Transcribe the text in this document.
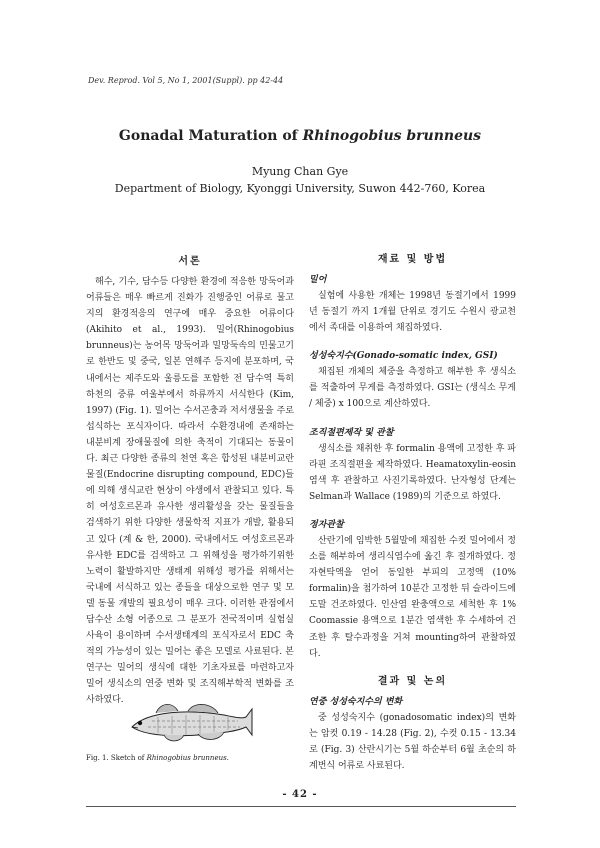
Dev. Reprod. Vol 5, No 1, 2001(Suppl). pp 42-44
Gonadal Maturation of Rhinogobius brunneus
Myung Chan Gye
Department of Biology, Kyonggi University, Suwon 442-760, Korea
서론

해수, 기수, 담수등 다양한 환경에 적응한 망둑어과 어류들은 매우 빠르게 진화가 진행중인 어류로 물고지의 환경적응의 연구에 매우 중요한 어류이다 (Akihito et al., 1993). 밀어(Rhinogobius brunneus)는 농어목 망둑어과 밀망둑속의 민물고기로 한반도 및 중국, 일본 연해주 등지에 분포하며, 국내에서는 제주도와 울릉도를 포함한 전 담수역 특히 하천의 중류 여울부에서 하류까지 서식한다 (Kim, 1997) (Fig. 1). 밀어는 수서곤충과 저서생물을 주로 섭식하는 포식자이다. 따라서 수환경내에 존재하는 내분비계 장애물질에 의한 축적이 기대되는 동물이다. 최근 다양한 종류의 천연 혹은 합성된 내분비교란물질(Endocrine disrupting compound, EDC)들에 의해 생식교란 현상이 야생에서 관찰되고 있다. 특히 여성호르몬과 유사한 생리활성을 갖는 물질들을 검색하기 위한 다양한 생물학적 지표가 개발, 활용되고 있다 (계 & 한, 2000). 국내에서도 여성호르몬과 유사한 EDC를 검색하고 그 위해성을 평가하기위한 노력이 활발하지만 생태계 위해성 평가를 위해서는 국내에 서식하고 있는 종들을 대상으로한 연구 및 모델 동물 개발의 필요성이 매우 크다. 이러한 관점에서 담수산 소형 어종으로 그 분포가 전국적이며 실험실 사육이 용이하며 수서생태계의 포식자로서 EDC 축적의 가능성이 있는 밀어는 좋은 모델로 사료된다. 본 연구는 밀어의 생식에 대한 기초자료를 마련하고자 밀어 생식소의 연중 변화 및 조직해부학적 변화를 조사하였다.

Fig. 1. Sketch of Rhinogobius brunneus.
재료 및 방법
밀어

실험에 사용한 개체는 1998년 동절기에서 1999년 동절기 까지 1개월 단위로 경기도 수원시 광교천에서 족대를 이용하여 채집하였다.

성성숙지수(Gonado-somatic index, GSI)

채집된 개체의 체중을 측정하고 해부한 후 생식소를 적출하여 무게를 측정하였다. GSI는 (생식소 무게 / 체중) x 100으로 계산하였다.

조직절편제작 및 관찰

생식소를 채취한 후 formalin 용액에 고정한 후 파라핀 조직절편을 제작하였다. Heamatoxylin-eosin 염색 후 관찰하고 사진기록하였다. 난자형성 단계는 Selman과 Wallace (1989)의 기준으로 하였다.

정자관찰

산란기에 임박한 5월말에 채집한 수컷 밀어에서 정소를 해부하여 생리식염수에 옮긴 후 절개하였다. 정자현탁액을 얻어 동일한 부피의 고정액 (10% formalin)을 첨가하여 10분간 고정한 뒤 슬라이드에 도말 건조하였다. 인산염 완충액으로 세척한 후 1% Coomassie 용액으로 1분간 염색한 후 수세하여 건조한 후 탈수과정을 거쳐 mounting하여 관찰하였다.

결과 및 논의
연중 성성숙지수의 변화

중 성성숙지수 (gonadosomatic index)의 변화는 암컷 0.19 - 14.28 (Fig. 2), 수컷 0.15 - 13.34로 (Fig. 3) 산란시기는 5월 하순부터 6월 초순의 하계번식 어류로 사료된다.

- 42 -
